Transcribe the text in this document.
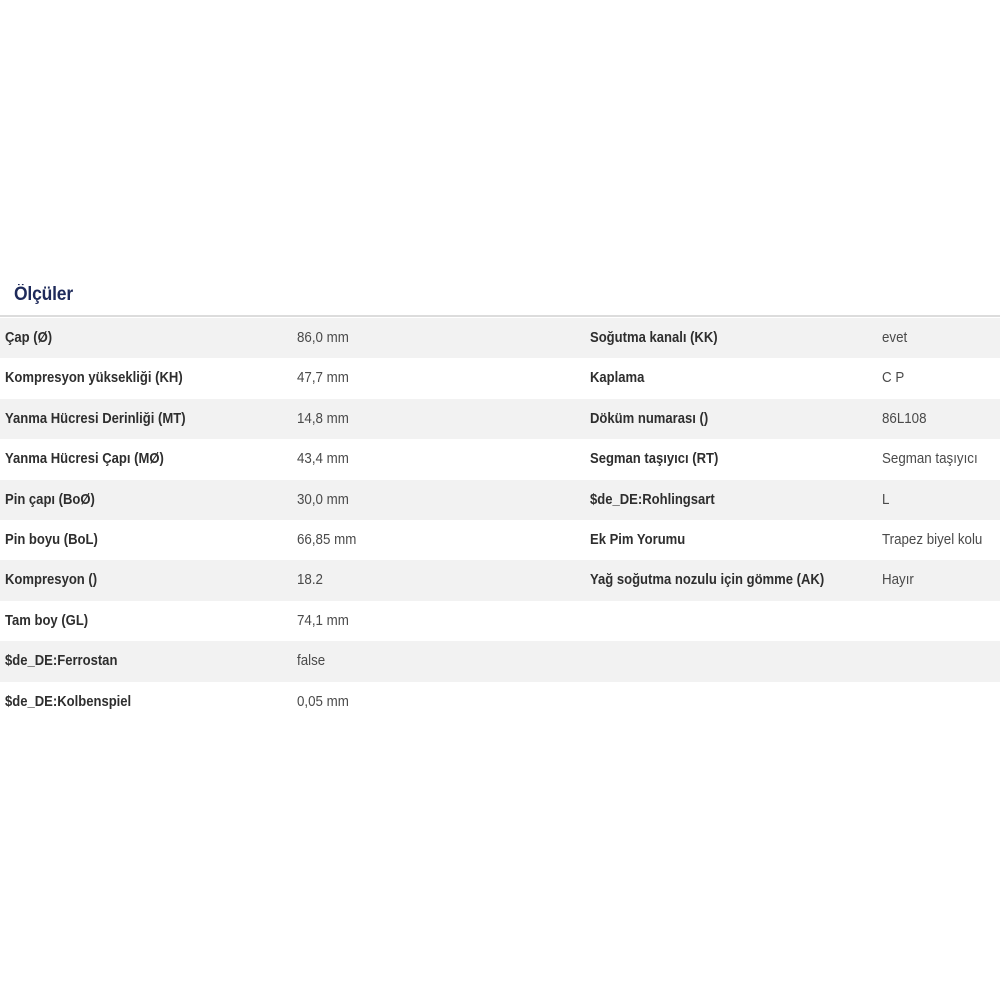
Ölçüler
Çap (Ø)	86,0 mm	Soğutma kanalı (KK)	evet
Kompresyon yüksekliği (KH)	47,7 mm	Kaplama	C P
Yanma Hücresi Derinliği (MT)	14,8 mm	Döküm numarası ()	86L108
Yanma Hücresi Çapı (MØ)	43,4 mm	Segman taşıyıcı (RT)	Segman taşıyıcı
Pin çapı (BoØ)	30,0 mm	$de_DE:Rohlingsart	L
Pin boyu (BoL)	66,85 mm	Ek Pim Yorumu	Trapez biyel kolu
Kompresyon ()	18.2	Yağ soğutma nozulu için gömme (AK)	Hayır
Tam boy (GL)	74,1 mm
$de_DE:Ferrostan	false
$de_DE:Kolbenspiel	0,05 mm
